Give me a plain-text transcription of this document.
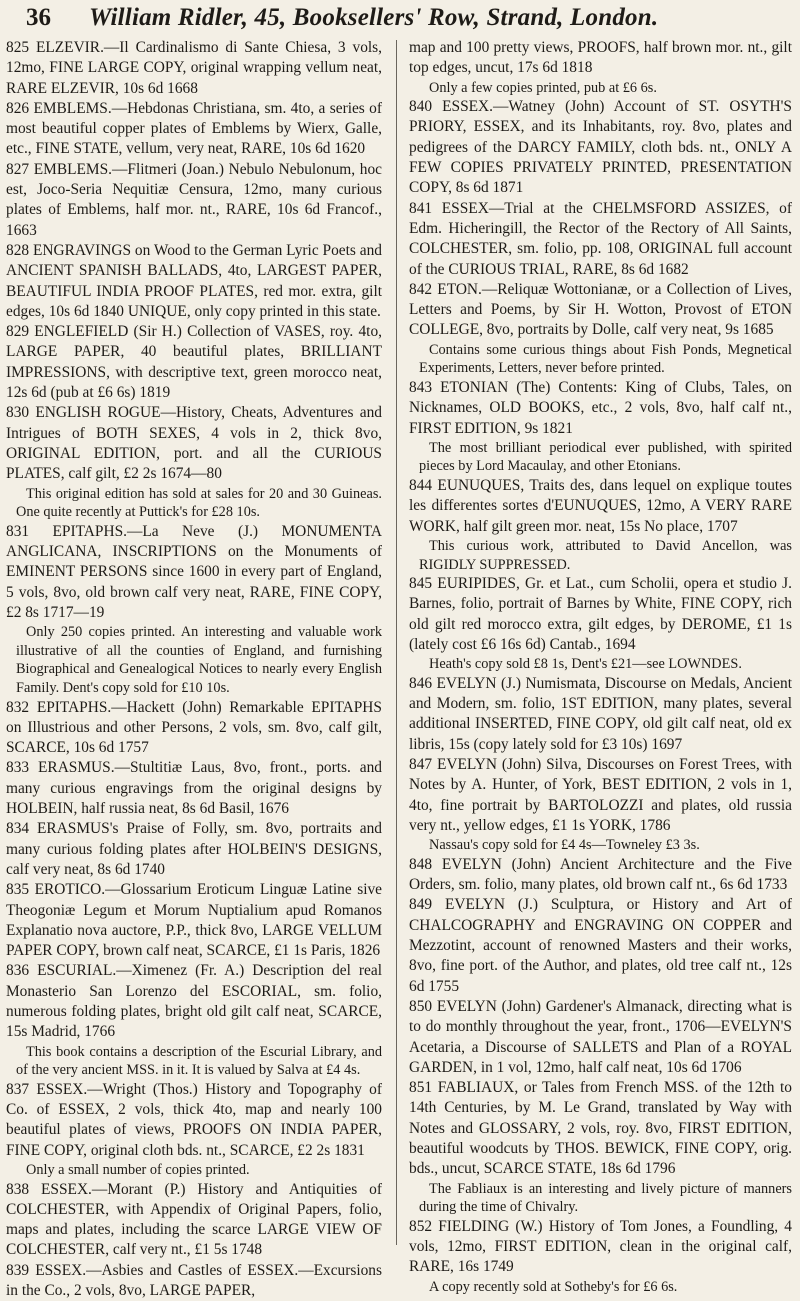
36 William Ridler, 45, Booksellers' Row, Strand, London.

825 ELZEVIR.—Il Cardinalismo di Sante Chiesa, 3 vols, 12mo, FINE LARGE COPY, original wrapping vellum neat, RARE ELZEVIR, 10s 6d 1668

826 EMBLEMS.—Hebdonas Christiana, sm. 4to, a series of most beautiful copper plates of Emblems by Wierx, Galle, etc., FINE STATE, vellum, very neat, RARE, 10s 6d 1620

827 EMBLEMS.—Flitmeri (Joan.) Nebulo Nebulonum, hoc est, Joco-Seria Nequitiæ Censura, 12mo, many curious plates of Emblems, half mor. nt., RARE, 10s 6d Francof., 1663

828 ENGRAVINGS on Wood to the German Lyric Poets and ANCIENT SPANISH BALLADS, 4to, LARGEST PAPER, BEAUTIFUL INDIA PROOF PLATES, red mor. extra, gilt edges, 10s 6d 1840 UNIQUE, only copy printed in this state.

829 ENGLEFIELD (Sir H.) Collection of VASES, roy. 4to, LARGE PAPER, 40 beautiful plates, BRILLIANT IMPRESSIONS, with descriptive text, green morocco neat, 12s 6d (pub at £6 6s) 1819

830 ENGLISH ROGUE—History, Cheats, Adventures and Intrigues of BOTH SEXES, 4 vols in 2, thick 8vo, ORIGINAL EDITION, port. and all the CURIOUS PLATES, calf gilt, £2 2s 1674—80

This original edition has sold at sales for 20 and 30 Guineas. One quite recently at Puttick's for £28 10s.

831 EPITAPHS.—La Neve (J.) MONUMENTA ANGLICANA, INSCRIPTIONS on the Monuments of EMINENT PERSONS since 1600 in every part of England, 5 vols, 8vo, old brown calf very neat, RARE, FINE COPY, £2 8s 1717—19

Only 250 copies printed. An interesting and valuable work illustrative of all the counties of England, and furnishing Biographical and Genealogical Notices to nearly every English Family. Dent's copy sold for £10 10s.

832 EPITAPHS.—Hackett (John) Remarkable EPITAPHS on Illustrious and other Persons, 2 vols, sm. 8vo, calf gilt, SCARCE, 10s 6d 1757

833 ERASMUS.—Stultitiæ Laus, 8vo, front., ports. and many curious engravings from the original designs by HOLBEIN, half russia neat, 8s 6d Basil, 1676

834 ERASMUS's Praise of Folly, sm. 8vo, portraits and many curious folding plates after HOLBEIN'S DESIGNS, calf very neat, 8s 6d 1740

835 EROTICO.—Glossarium Eroticum Linguæ Latine sive Theogoniæ Legum et Morum Nuptialium apud Romanos Explanatio nova auctore, P.P., thick 8vo, LARGE VELLUM PAPER COPY, brown calf neat, SCARCE, £1 1s Paris, 1826

836 ESCURIAL.—Ximenez (Fr. A.) Description del real Monasterio San Lorenzo del ESCORIAL, sm. folio, numerous folding plates, bright old gilt calf neat, SCARCE, 15s Madrid, 1766

This book contains a description of the Escurial Library, and of the very ancient MSS. in it. It is valued by Salva at £4 4s.

837 ESSEX.—Wright (Thos.) History and Topography of Co. of ESSEX, 2 vols, thick 4to, map and nearly 100 beautiful plates of views, PROOFS ON INDIA PAPER, FINE COPY, original cloth bds. nt., SCARCE, £2 2s 1831

Only a small number of copies printed.

838 ESSEX.—Morant (P.) History and Antiquities of COLCHESTER, with Appendix of Original Papers, folio, maps and plates, including the scarce LARGE VIEW OF COLCHESTER, calf very nt., £1 5s 1748

839 ESSEX.—Asbies and Castles of ESSEX.—Excursions in the Co., 2 vols, 8vo, LARGE PAPER,

map and 100 pretty views, PROOFS, half brown mor. nt., gilt top edges, uncut, 17s 6d 1818

Only a few copies printed, pub at £6 6s.

840 ESSEX.—Watney (John) Account of ST. OSYTH'S PRIORY, ESSEX, and its Inhabitants, roy. 8vo, plates and pedigrees of the DARCY FAMILY, cloth bds. nt., ONLY A FEW COPIES PRIVATELY PRINTED, PRESENTATION COPY, 8s 6d 1871

841 ESSEX—Trial at the CHELMSFORD ASSIZES, of Edm. Hicheringill, the Rector of the Rectory of All Saints, COLCHESTER, sm. folio, pp. 108, ORIGINAL full account of the CURIOUS TRIAL, RARE, 8s 6d 1682

842 ETON.—Reliquæ Wottonianæ, or a Collection of Lives, Letters and Poems, by Sir H. Wotton, Provost of ETON COLLEGE, 8vo, portraits by Dolle, calf very neat, 9s 1685

Contains some curious things about Fish Ponds, Megnetical Experiments, Letters, never before printed.

843 ETONIAN (The) Contents: King of Clubs, Tales, on Nicknames, OLD BOOKS, etc., 2 vols, 8vo, half calf nt., FIRST EDITION, 9s 1821

The most brilliant periodical ever published, with spirited pieces by Lord Macaulay, and other Etonians.

844 EUNUQUES, Traits des, dans lequel on explique toutes les differentes sortes d'EUNUQUES, 12mo, A VERY RARE WORK, half gilt green mor. neat, 15s No place, 1707

This curious work, attributed to David Ancellon, was RIGIDLY SUPPRESSED.

845 EURIPIDES, Gr. et Lat., cum Scholii, opera et studio J. Barnes, folio, portrait of Barnes by White, FINE COPY, rich old gilt red morocco extra, gilt edges, by DEROME, £1 1s (lately cost £6 16s 6d) Cantab., 1694

Heath's copy sold £8 1s, Dent's £21—see LOWNDES.

846 EVELYN (J.) Numismata, Discourse on Medals, Ancient and Modern, sm. folio, 1ST EDITION, many plates, several additional INSERTED, FINE COPY, old gilt calf neat, old ex libris, 15s (copy lately sold for £3 10s) 1697

847 EVELYN (John) Silva, Discourses on Forest Trees, with Notes by A. Hunter, of York, BEST EDITION, 2 vols in 1, 4to, fine portrait by BARTOLOZZI and plates, old russia very nt., yellow edges, £1 1s YORK, 1786

Nassau's copy sold for £4 4s—Towneley £3 3s.

848 EVELYN (John) Ancient Architecture and the Five Orders, sm. folio, many plates, old brown calf nt., 6s 6d 1733

849 EVELYN (J.) Sculptura, or History and Art of CHALCOGRAPHY and ENGRAVING ON COPPER and Mezzotint, account of renowned Masters and their works, 8vo, fine port. of the Author, and plates, old tree calf nt., 12s 6d 1755

850 EVELYN (John) Gardener's Almanack, directing what is to do monthly throughout the year, front., 1706—EVELYN'S Acetaria, a Discourse of SALLETS and Plan of a ROYAL GARDEN, in 1 vol, 12mo, half calf neat, 10s 6d 1706

851 FABLIAUX, or Tales from French MSS. of the 12th to 14th Centuries, by M. Le Grand, translated by Way with Notes and GLOSSARY, 2 vols, roy. 8vo, FIRST EDITION, beautiful woodcuts by THOS. BEWICK, FINE COPY, orig. bds., uncut, SCARCE STATE, 18s 6d 1796

The Fabliaux is an interesting and lively picture of manners during the time of Chivalry.

852 FIELDING (W.) History of Tom Jones, a Foundling, 4 vols, 12mo, FIRST EDITION, clean in the original calf, RARE, 16s 1749

A copy recently sold at Sotheby's for £6 6s.
